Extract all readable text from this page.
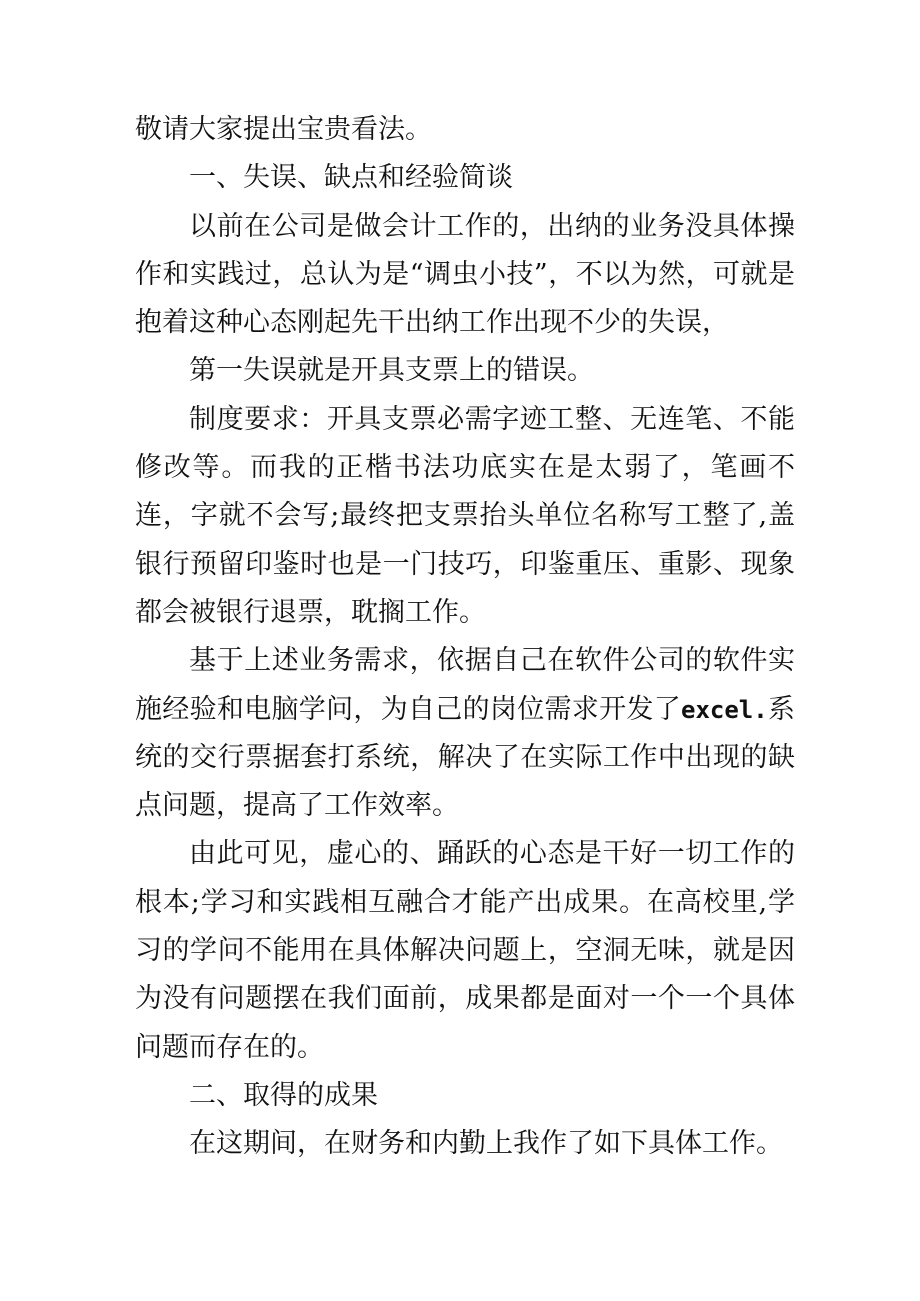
敬请大家提出宝贵看法。

一、失误、缺点和经验简谈

以前在公司是做会计工作的，出纳的业务没具体操作和实践过，总认为是“调虫小技”，不以为然，可就是抱着这种心态刚起先干出纳工作出现不少的失误，

第一失误就是开具支票上的错误。

制度要求：开具支票必需字迹工整、无连笔、不能修改等。而我的正楷书法功底实在是太弱了，笔画不连，字就不会写;最终把支票抬头单位名称写工整了,盖银行预留印鉴时也是一门技巧，印鉴重压、重影、现象都会被银行退票，耽搁工作。

基于上述业务需求，依据自己在软件公司的软件实施经验和电脑学问，为自己的岗位需求开发了excel.系统的交行票据套打系统，解决了在实际工作中出现的缺点问题，提高了工作效率。

由此可见，虚心的、踊跃的心态是干好一切工作的根本;学习和实践相互融合才能产出成果。在高校里,学习的学问不能用在具体解决问题上，空洞无味，就是因为没有问题摆在我们面前，成果都是面对一个一个具体问题而存在的。

二、取得的成果

在这期间，在财务和内勤上我作了如下具体工作。
